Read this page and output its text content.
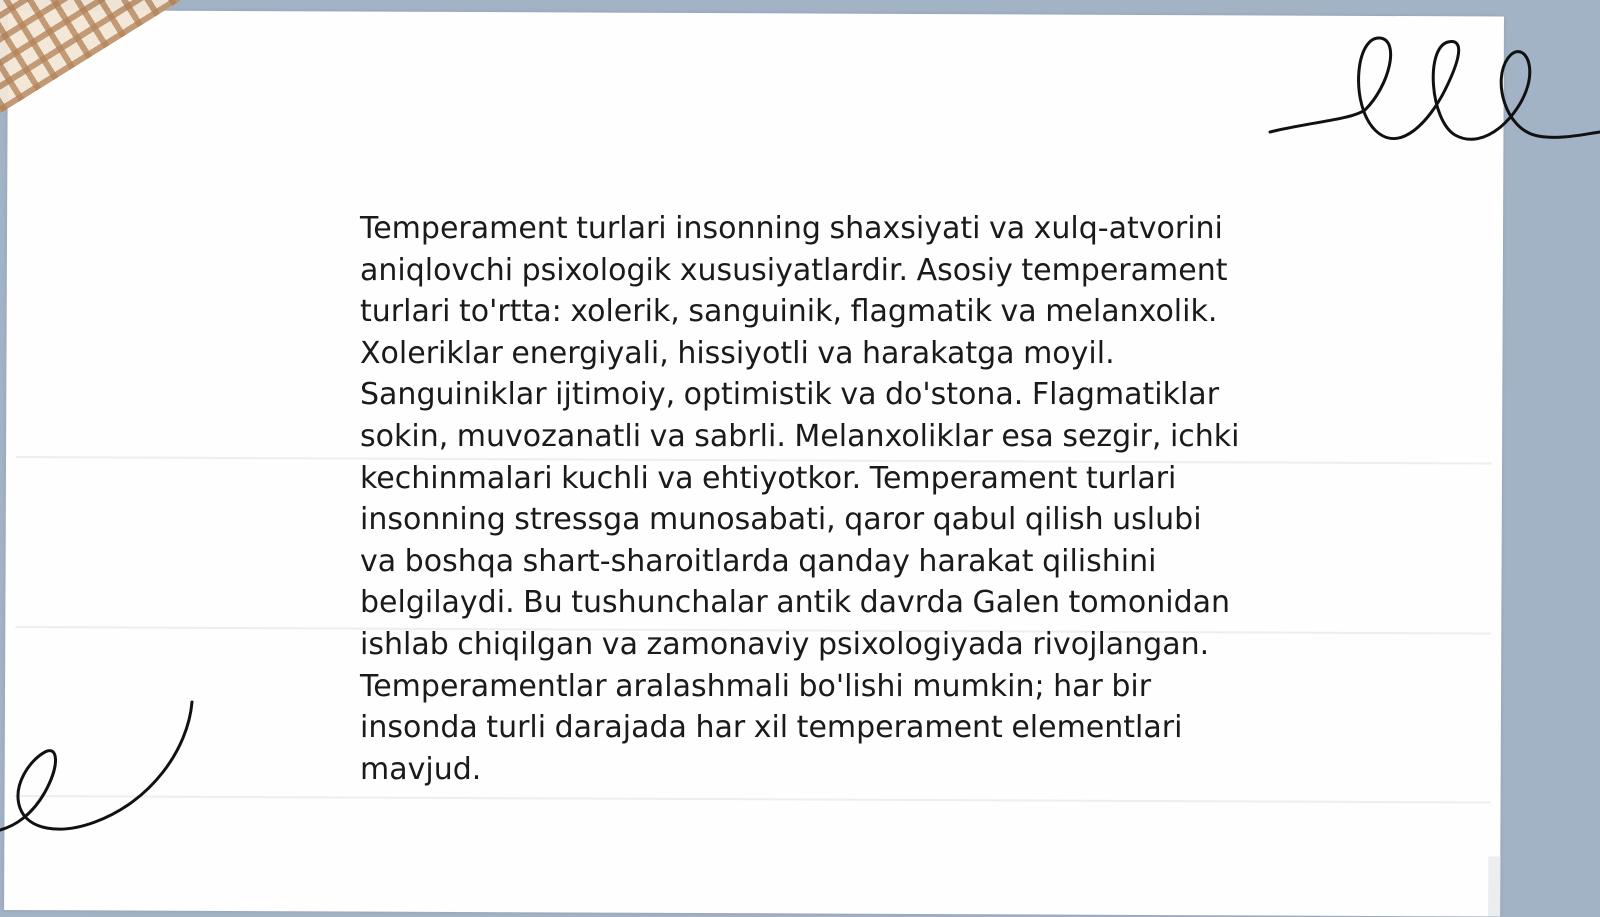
Temperament turlari insonning shaxsiyati va xulq-atvorini aniqlovchi psixologik xususiyatlardir. Asosiy temperament turlari to'rtta: xolerik, sanguinik, flagmatik va melanxolik. Xoleriklar energiyali, hissiyotli va harakatga moyil. Sanguiniklar ijtimoiy, optimistik va do'stona. Flagmatiklar sokin, muvozanatli va sabrli. Melanxoliklar esa sezgir, ichki kechinmalari kuchli va ehtiyotkor. Temperament turlari insonning stressga munosabati, qaror qabul qilish uslubi va boshqa shart-sharoitlarda qanday harakat qilishini belgilaydi. Bu tushunchalar antik davrda Galen tomonidan ishlab chiqilgan va zamonaviy psixologiyada rivojlangan. Temperamentlar aralashmali bo'lishi mumkin; har bir insonda turli darajada har xil temperament elementlari mavjud.
